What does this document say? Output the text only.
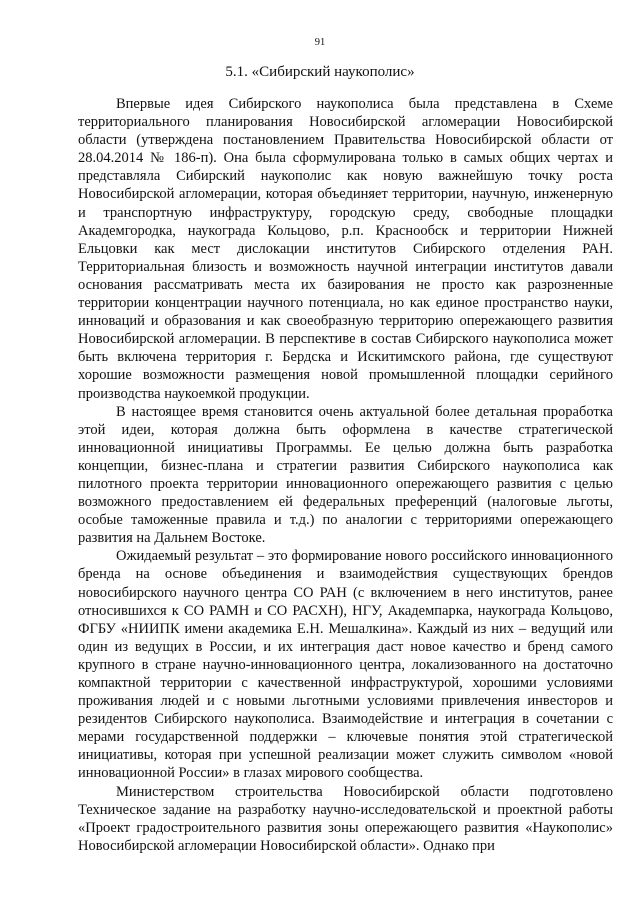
91
5.1. «Сибирский наукополис»

Впервые идея Сибирского наукополиса была представлена в Схеме территориального планирования Новосибирской агломерации Новосибирской области (утверждена постановлением Правительства Новосибирской области от 28.04.2014 № 186-п). Она была сформулирована только в самых общих чертах и представляла Сибирский наукополис как новую важнейшую точку роста Новосибирской агломерации, которая объединяет территории, научную, инженерную и транспортную инфраструктуру, городскую среду, свободные площадки Академгородка, наукограда Кольцово, р.п. Краснообск и территории Нижней Ельцовки как мест дислокации институтов Сибирского отделения РАН. Территориальная близость и возможность научной интеграции институтов давали основания рассматривать места их базирования не просто как разрозненные территории концентрации научного потенциала, но как единое пространство науки, инноваций и образования и как своеобразную территорию опережающего развития Новосибирской агломерации. В перспективе в состав Сибирского наукополиса может быть включена территория г. Бердска и Искитимского района, где существуют хорошие возможности размещения новой промышленной площадки серийного производства наукоемкой продукции.

В настоящее время становится очень актуальной более детальная проработка этой идеи, которая должна быть оформлена в качестве стратегической инновационной инициативы Программы. Ее целью должна быть разработка концепции, бизнес-плана и стратегии развития Сибирского наукополиса как пилотного проекта территории инновационного опережающего развития с целью возможного предоставлением ей федеральных преференций (налоговые льготы, особые таможенные правила и т.д.) по аналогии с территориями опережающего развития на Дальнем Востоке.

Ожидаемый результат – это формирование нового российского инновационного бренда на основе объединения и взаимодействия существующих брендов новосибирского научного центра СО РАН (с включением в него институтов, ранее относившихся к СО РАМН и СО РАСХН), НГУ, Академпарка, наукограда Кольцово, ФГБУ «НИИПК имени академика Е.Н. Мешалкина». Каждый из них – ведущий или один из ведущих в России, и их интеграция даст новое качество и бренд самого крупного в стране научно-инновационного центра, локализованного на достаточно компактной территории с качественной инфраструктурой, хорошими условиями проживания людей и с новыми льготными условиями привлечения инвесторов и резидентов Сибирского наукополиса. Взаимодействие и интеграция в сочетании с мерами государственной поддержки – ключевые понятия этой стратегической инициативы, которая при успешной реализации может служить символом «новой инновационной России» в глазах мирового сообщества.

Министерством строительства Новосибирской области подготовлено Техническое задание на разработку научно-исследовательской и проектной работы «Проект градостроительного развития зоны опережающего развития «Наукополис» Новосибирской агломерации Новосибирской области». Однако при
